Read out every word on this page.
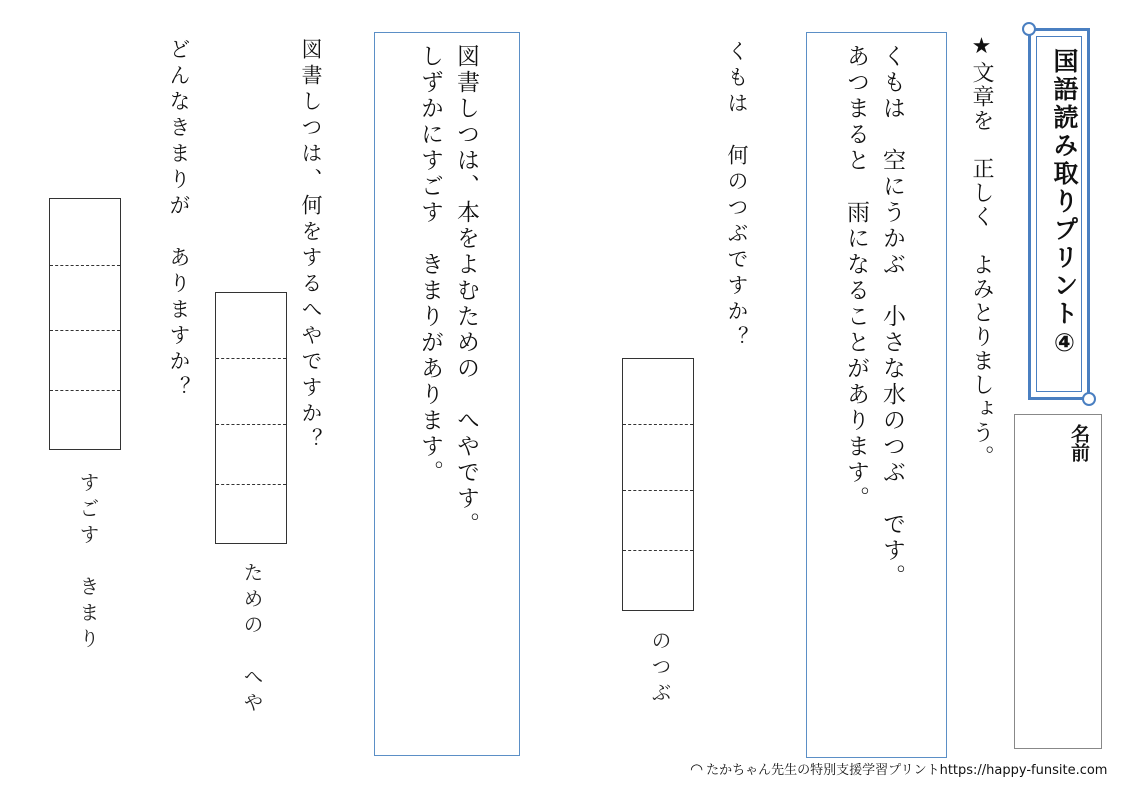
国語読み取りプリント④
名前
★文章を　正しく　よみとりましょう。
くもは　空にうかぶ　小さな水のつぶ　です。
あつまると　雨になることがあります。
くもは　何のつぶですか？
のつぶ
図書しつは、本をよむための　へやです。
しずかにすごす　きまりがあります。
図書しつは、何をするへやですか？
ための　へや
どんなきまりが　ありますか？
すごす　きまり
◠ たかちゃん先生の特別支援学習プリントhttps://happy-funsite.com
